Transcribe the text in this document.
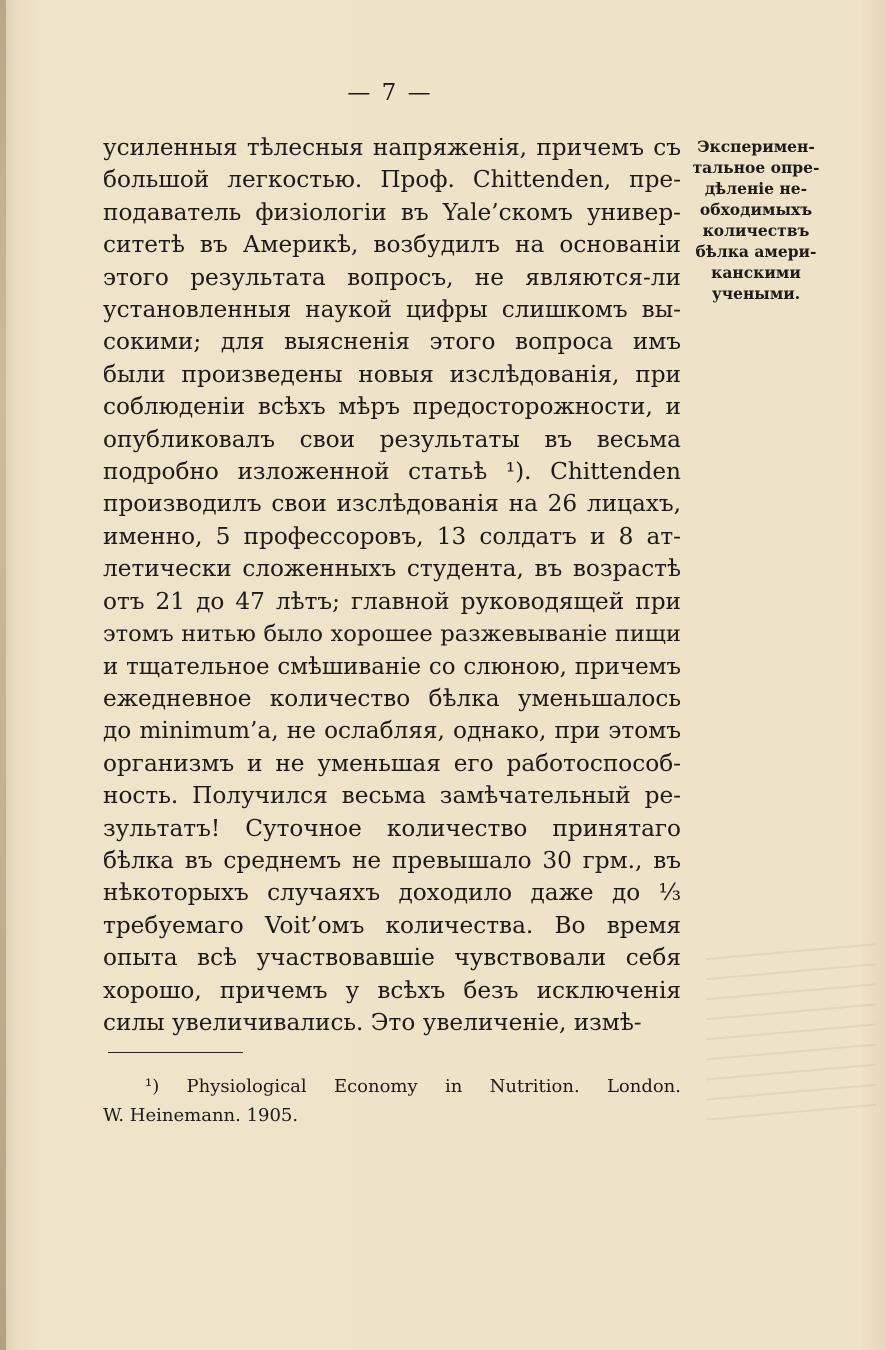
— 7 —
усиленныя тѣлесныя напряженія, причемъ съ
большой легкостью. Проф. Chittenden, пре-
подаватель физіологіи въ Yale’скомъ универ-
ситетѣ въ Америкѣ, возбудилъ на основаніи
этого результата вопросъ, не являются-ли
установленныя наукой цифры слишкомъ вы-
сокими; для выясненія этого вопроса имъ
были произведены новыя изслѣдованія, при
соблюденіи всѣхъ мѣръ предосторожности, и
опубликовалъ свои результаты въ весьма
подробно изложенной статьѣ ¹). Chittenden
производилъ свои изслѣдованія на 26 лицахъ,
именно, 5 профессоровъ, 13 солдатъ и 8 ат-
летически сложенныхъ студента, въ возрастѣ
отъ 21 до 47 лѣтъ; главной руководящей при
этомъ нитью было хорошее разжевываніе пищи
и тщательное смѣшиваніе со слюною, причемъ
ежедневное количество бѣлка уменьшалось
до minimum’a, не ослабляя, однако, при этомъ
организмъ и не уменьшая его работоспособ-
ность. Получился весьма замѣчательный ре-
зультатъ! Суточное количество принятаго
бѣлка въ среднемъ не превышало 30 грм., въ
нѣкоторыхъ случаяхъ доходило даже до ¹⁄₃
требуемаго Voit’омъ количества. Во время
опыта всѣ участвовавшіе чувствовали себя
хорошо, причемъ у всѣхъ безъ исключенія
силы увеличивались. Это увеличеніе, измѣ-
Эксперимен-
тальное опре-
дѣленіе не-
обходимыхъ
количествъ
бѣлка амери-
канскими
учеными.
¹) Physiological Economy in Nutrition. London.
W. Heinemann. 1905.
